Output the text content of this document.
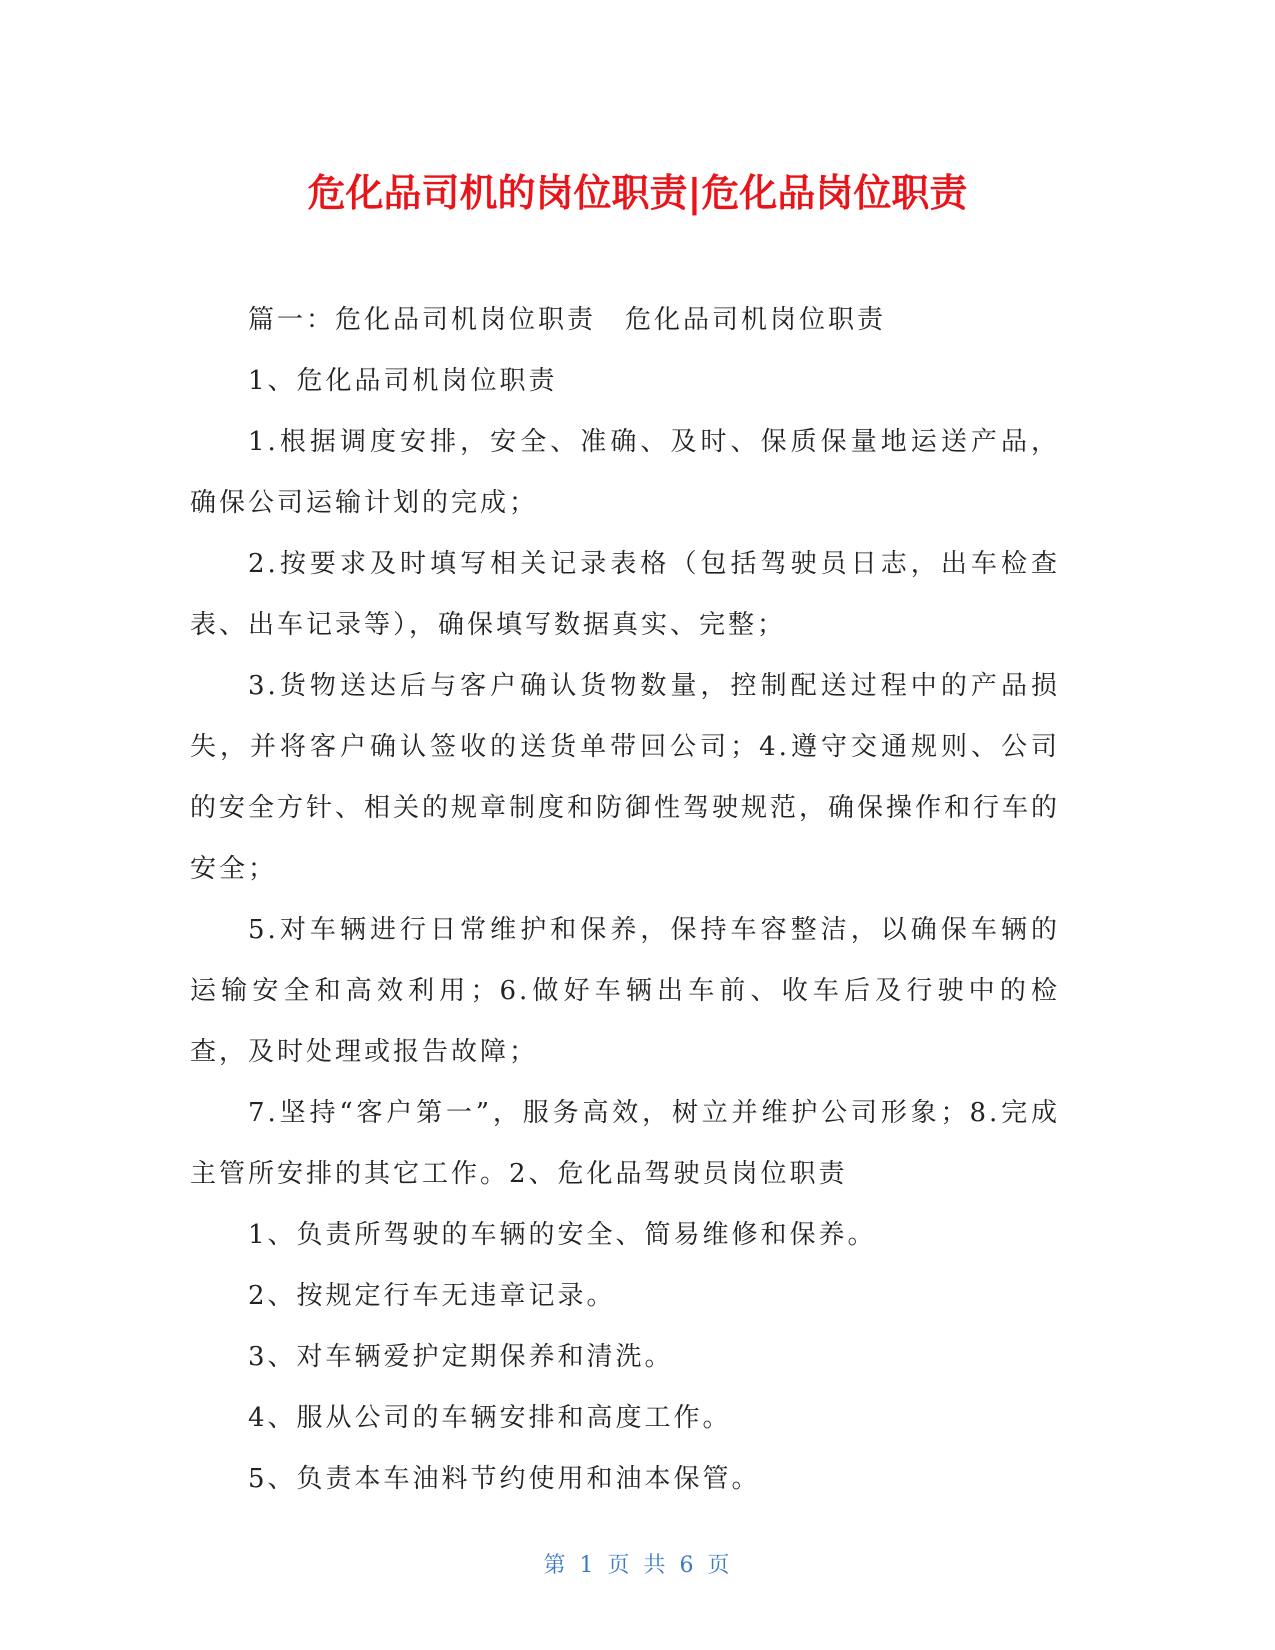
危化品司机的岗位职责|危化品岗位职责

篇一：危化品司机岗位职责　危化品司机岗位职责

1、危化品司机岗位职责

1.根据调度安排，安全、准确、及时、保质保量地运送产品，确保公司运输计划的完成；

2.按要求及时填写相关记录表格（包括驾驶员日志，出车检查表、出车记录等），确保填写数据真实、完整；

3.货物送达后与客户确认货物数量，控制配送过程中的产品损失，并将客户确认签收的送货单带回公司；4.遵守交通规则、公司的安全方针、相关的规章制度和防御性驾驶规范，确保操作和行车的安全；

5.对车辆进行日常维护和保养，保持车容整洁，以确保车辆的运输安全和高效利用；6.做好车辆出车前、收车后及行驶中的检查，及时处理或报告故障；

7.坚持“客户第一”，服务高效，树立并维护公司形象；8.完成主管所安排的其它工作。2、危化品驾驶员岗位职责

1、负责所驾驶的车辆的安全、简易维修和保养。

2、按规定行车无违章记录。

3、对车辆爱护定期保养和清洗。

4、服从公司的车辆安排和高度工作。

5、负责本车油料节约使用和油本保管。

第 1 页 共 6 页
